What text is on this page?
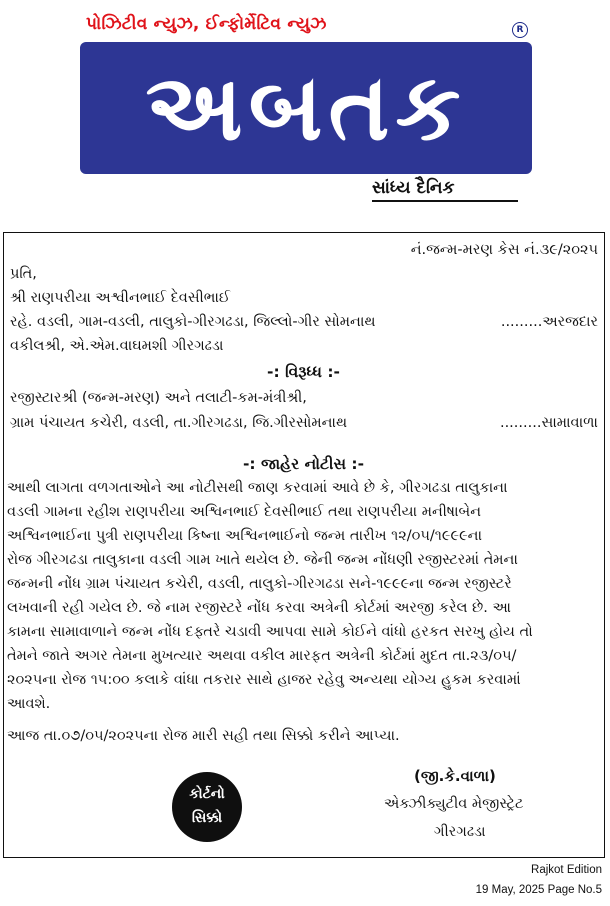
પોઝિટીવ ન્યુઝ, ઈન્ફોર્મેટિવ ન્યુઝ	R
અબતક
સાંધ્ય દૈનિક
નં.જન્મ-મરણ કેસ નં.૩૯/૨૦૨૫
પ્રતિ,
શ્રી રાણપરીયા અશ્વીનભાઈ દેવસીભાઈ
રહે. વડલી, ગામ-વડલી, તાલુકો-ગીરગઢડા, જિલ્લો-ગીર સોમનાથ	.........અરજદાર
વકીલશ્રી, એ.એમ.વાઘમશી ગીરગઢડા
-: વિરૂધ્ધ :-
રજીસ્ટારશ્રી (જન્મ-મરણ) અને તલાટી-કમ-મંત્રીશ્રી,
ગ્રામ પંચાયત કચેરી, વડલી, તા.ગીરગઢડા, જિ.ગીરસોમનાથ	.........સામાવાળા
-: જાહેર નોટીસ :-
આથી લાગતા વળગતાઓને આ નોટીસથી જાણ કરવામાં આવે છે કે, ગીરગઢડા તાલુકાના
વડલી ગામના રહીશ રાણપરીયા અશ્વિનભાઈ દેવસીભાઈ તથા રાણપરીયા મનીષાબેન
અશ્વિનભાઈના પુત્રી રાણપરીયા કિષ્ના અશ્વિનભાઈનો જન્મ તારીખ ૧૨/૦૫/૧૯૯૯ના
રોજ ગીરગઢડા તાલુકાના વડલી ગામ ખાતે થયેલ છે. જેની જન્મ નોંધણી રજીસ્ટરમાં તેમના
જન્મની નોંધ ગ્રામ પંચાયત કચેરી, વડલી, તાલુકો-ગીરગઢડા સને-૧૯૯૯ના જન્મ રજીસ્ટરે
લખવાની રહી ગયેલ છે. જે નામ રજીસ્ટરે નોંધ કરવા અત્રેની કોર્ટમાં અરજી કરેલ છે. આ
કામના સામાવાળાને જન્મ નોંધ દફ્તરે ચડાવી આપવા સામે કોઈને વાંધો હરકત સરખુ હોય તો
તેમને જાતે અગર તેમના મુખત્યાર અથવા વકીલ મારફત અત્રેની કોર્ટમાં મુદત તા.૨૩/૦૫/
૨૦૨૫ના રોજ ૧૫:૦૦ કલાકે વાંધા તકરાર સાથે હાજર રહેવુ અન્યથા યોગ્ય હુકમ કરવામાં
આવશે.
આજ તા.૦૭/૦૫/૨૦૨૫ના રોજ મારી સહી તથા સિક્કો કરીને આપ્યા.
(જી.કે.વાળા)
એક્ઝીક્યુટીવ મેજીસ્ટ્રેટ
ગીરગઢડા
કોર્ટનો
સિક્કો
Rajkot Edition
19 May, 2025 Page No.5
